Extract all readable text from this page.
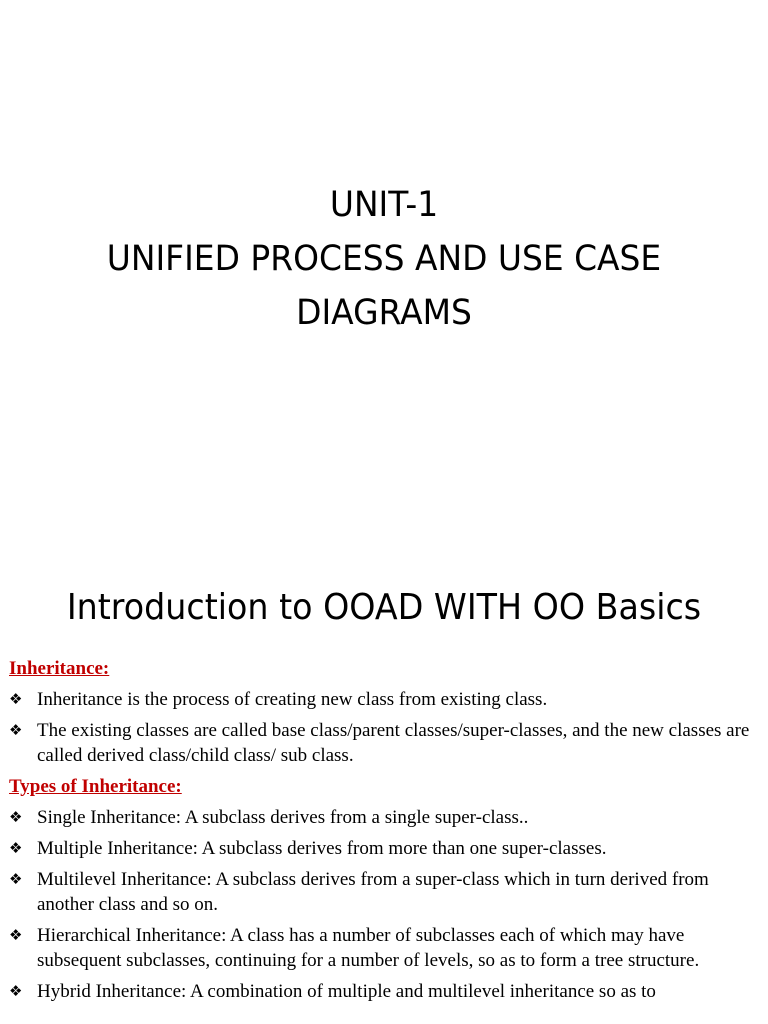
UNIT-1
UNIFIED PROCESS AND USE CASE
DIAGRAMS
Introduction to OOAD WITH OO Basics
Inheritance:
❖ Inheritance is the process of creating new class from existing class.
❖ The existing classes are called base class/parent classes/super-classes, and the new classes are called derived class/child class/ sub class.
Types of Inheritance:
❖ Single Inheritance: A subclass derives from a single super-class..
❖ Multiple Inheritance: A subclass derives from more than one super-classes.
❖ Multilevel Inheritance: A subclass derives from a super-class which in turn derived from another class and so on.
❖ Hierarchical Inheritance: A class has a number of subclasses each of which may have subsequent subclasses, continuing for a number of levels, so as to form a tree structure.
❖ Hybrid Inheritance: A combination of multiple and multilevel inheritance so as to
